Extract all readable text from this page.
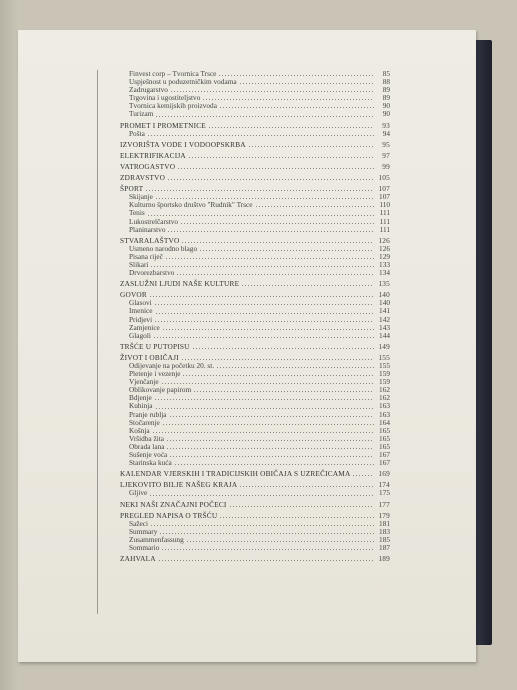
Finvest corp – Tvornica Trsce	85
Uspješnost u poduzetničkim vodama	88
Zadrugarstvo	89
Trgovina i ugostiteljstvo	89
Tvornica kemijskih proizvoda	90
Turizam	90
PROMET I PROMETNICE	93
Pošta	94
IZVORIŠTA VODE I VODOOPSKRBA	95
ELEKTRIFIKACIJA	97
VATROGASTVO	99
ZDRAVSTVO	105
ŠPORT	107
Skijanje	107
Kulturno športsko društvo "Rudnik" Trsce	110
Tenis	111
Lukostrelčarstvo	111
Planinarstvo	111
STVARALAŠTVO	126
Usmeno narodno blago	126
Pisana riječ	129
Slikari	133
Drvorezbarstvo	134
ZASLUŽNI LJUDI NAŠE KULTURE	135
GOVOR	140
Glasovi	140
Imenice	141
Pridjevi	142
Zamjenice	143
Glagoli	144
TRŠĆE U PUTOPISU	149
ŽIVOT I OBIČAJI	155
Odijevanje na početku 20. st.	155
Pletenje i vezenje	159
Vjenčanje	159
Oblikovanje papirom	162
Bdjenje	162
Kuhinja	163
Pranje rublja	163
Stočarenje	164
Košnja	165
Vršidba žita	165
Obrada lana	165
Sušenje voća	167
Starinska kuća	167
KALENDAR VJERSKIH I TRADICIJSKIH OBIČAJA S UZREČICAMA	169
LJEKOVITO BILJE NAŠEG KRAJA	174
Gljive	175
NEKI NAŠI ZNAČAJNI POČECI	177
PREGLED NAPISA O TRŠĆU	179
Sažeci	181
Summary	183
Zusammenfassung	185
Sommario	187
ZAHVALA	189
